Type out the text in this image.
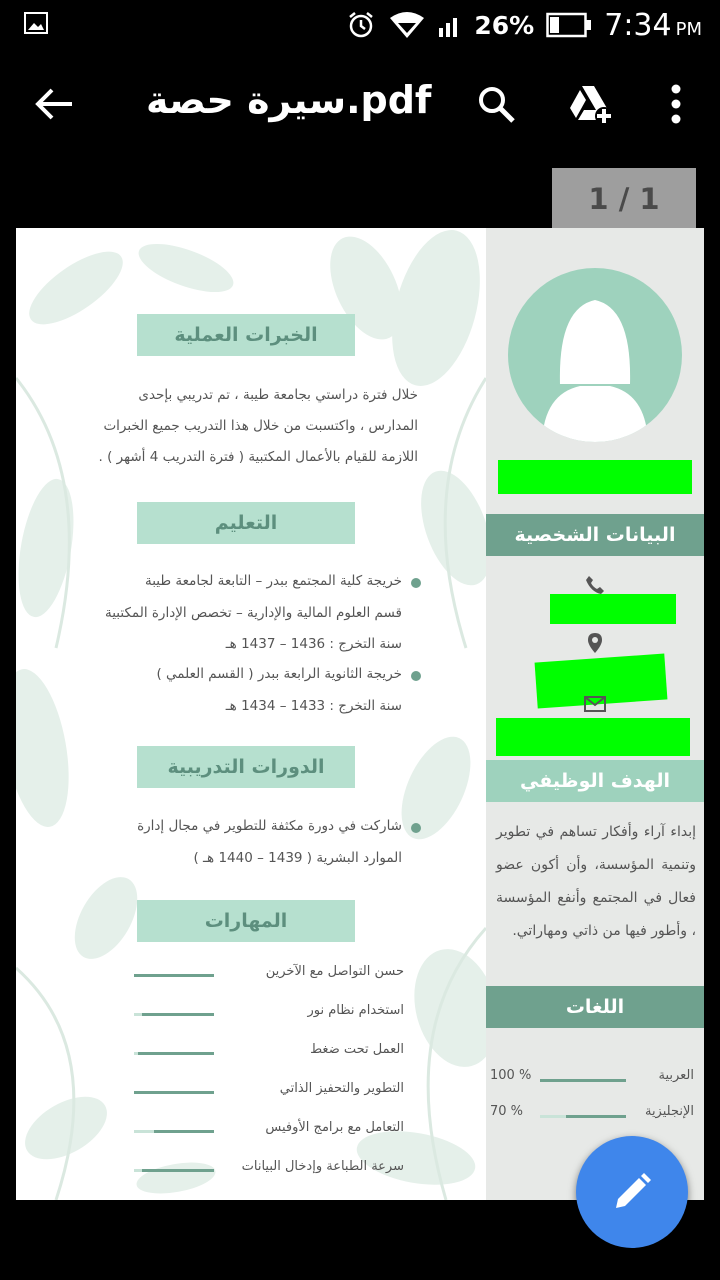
26% 7:34 PM
سيرة حصة.pdf
1 / 1
البيانات الشخصية
الهدف الوظيفي
إبداء آراء وأفكار تساهم في تطوير وتنمية المؤسسة، وأن أكون عضو فعال في المجتمع وأنفع المؤسسة ، وأطور فيها من ذاتي ومهاراتي.
اللغات
العربية
100 %
الإنجليزية
70 %
الخبرات العملية
خلال فترة دراستي بجامعة طيبة ، تم تدريبي بإحدى
المدارس ، واكتسبت من خلال هذا التدريب جميع الخبرات
اللازمة للقيام بالأعمال المكتبية ( فترة التدريب 4 أشهر ) .
التعليم
خريجة كلية المجتمع ببدر – التابعة لجامعة طيبة
قسم العلوم المالية والإدارية – تخصص الإدارة المكتبية
سنة التخرج : 1436 – 1437 هـ
خريجة الثانوية الرابعة ببدر ( القسم العلمي )
سنة التخرج : 1433 – 1434 هـ
الدورات التدريبية
شاركت في دورة مكثفة للتطوير في مجال إدارة
الموارد البشرية ( 1439 – 1440 هـ )
المهارات
حسن التواصل مع الآخرين
استخدام نظام نور
العمل تحت ضغط
التطوير والتحفيز الذاتي
التعامل مع برامج الأوفيس
سرعة الطباعة وإدخال البيانات
